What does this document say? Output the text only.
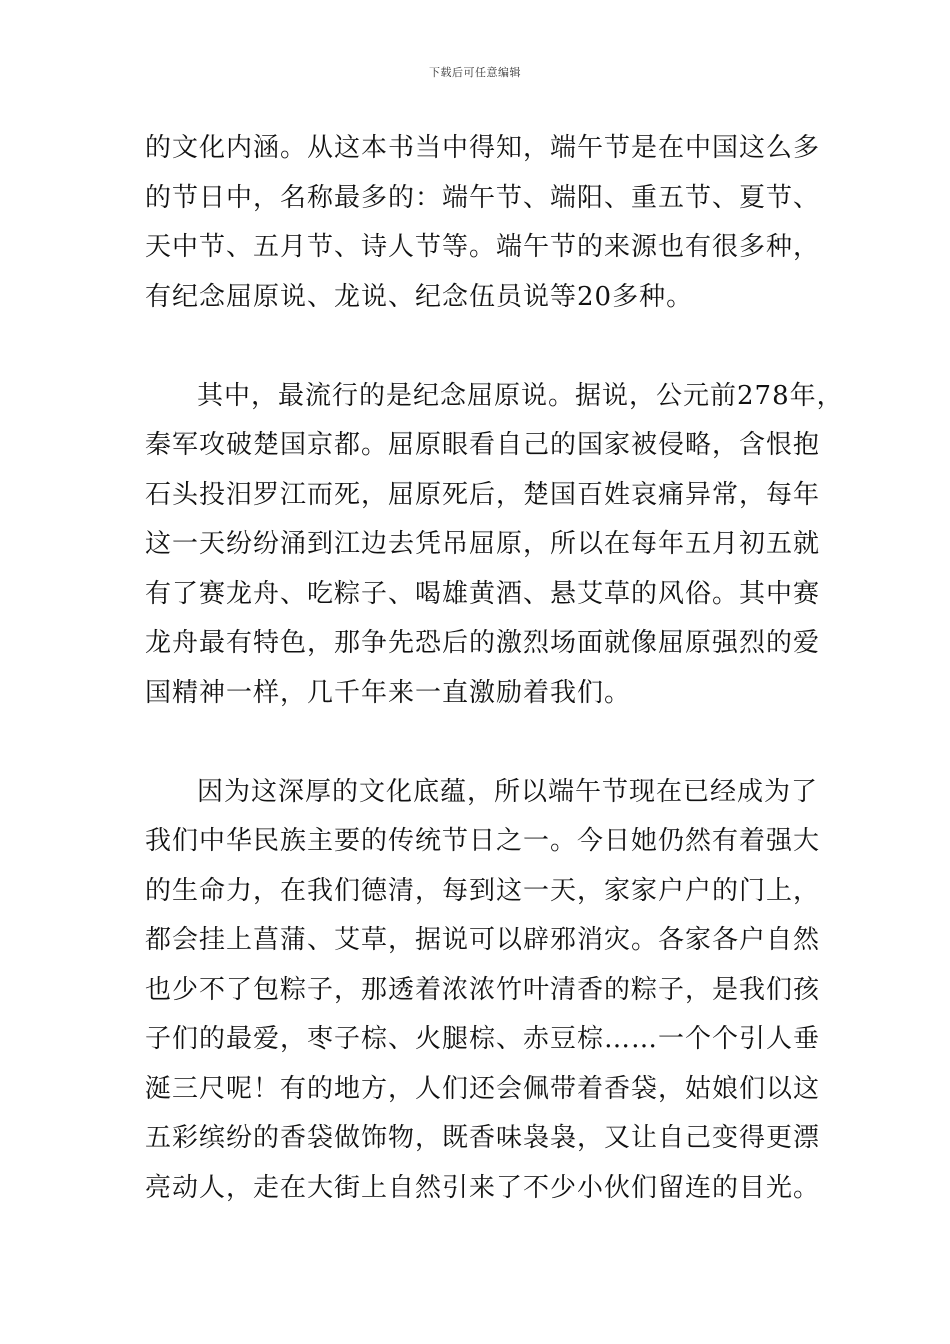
下载后可任意编辑
的文化内涵。从这本书当中得知，端午节是在中国这么多
的节日中，名称最多的：端午节、端阳、重五节、夏节、
天中节、五月节、诗人节等。端午节的来源也有很多种，
有纪念屈原说、龙说、纪念伍员说等20多种。
其中，最流行的是纪念屈原说。据说，公元前278年，
秦军攻破楚国京都。屈原眼看自己的国家被侵略，含恨抱
石头投汨罗江而死，屈原死后，楚国百姓哀痛异常，每年
这一天纷纷涌到江边去凭吊屈原，所以在每年五月初五就
有了赛龙舟、吃粽子、喝雄黄酒、悬艾草的风俗。其中赛
龙舟最有特色，那争先恐后的激烈场面就像屈原强烈的爱
国精神一样，几千年来一直激励着我们。
因为这深厚的文化底蕴，所以端午节现在已经成为了
我们中华民族主要的传统节日之一。今日她仍然有着强大
的生命力，在我们德清，每到这一天，家家户户的门上，
都会挂上菖蒲、艾草，据说可以辟邪消灾。各家各户自然
也少不了包粽子，那透着浓浓竹叶清香的粽子，是我们孩
子们的最爱，枣子棕、火腿棕、赤豆棕……一个个引人垂
涎三尺呢！有的地方，人们还会佩带着香袋，姑娘们以这
五彩缤纷的香袋做饰物，既香味袅袅，又让自己变得更漂
亮动人，走在大街上自然引来了不少小伙们留连的目光。
